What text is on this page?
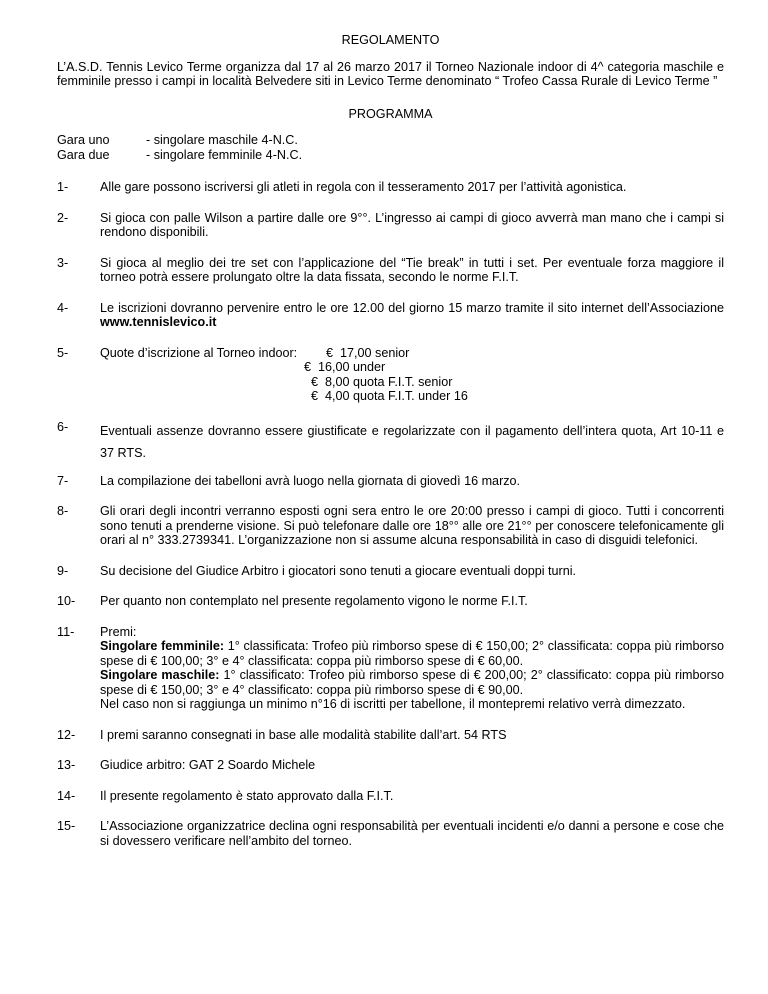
REGOLAMENTO
L’A.S.D. Tennis Levico Terme organizza dal 17 al 26 marzo 2017 il Torneo Nazionale indoor di 4^ categoria maschile e femminile presso i campi in località Belvedere siti in Levico Terme denominato “ Trofeo Cassa Rurale di Levico Terme ”
PROGRAMMA
Gara uno	- singolare maschile 4-N.C.
Gara due	- singolare femminile 4-N.C.
1-	Alle gare possono iscriversi gli atleti in regola con il tesseramento 2017 per l’attività agonistica.
2-	Si gioca con palle Wilson a partire dalle ore 9°°. L’ingresso ai campi di gioco avverrà man mano che i campi si rendono disponibili.
3-	Si gioca al meglio dei tre set con l’applicazione del “Tie break” in tutti i set. Per eventuale forza maggiore il torneo potrà essere prolungato oltre la data fissata, secondo le norme F.I.T.
4-	Le iscrizioni dovranno pervenire entro le ore 12.00 del giorno 15 marzo tramite il sito internet dell’Associazione www.tennislevico.it
5-	Quote d’iscrizione al Torneo indoor: €  17,00 senior
€  16,00 under
€  8,00 quota F.I.T. senior
€  4,00 quota F.I.T. under 16
6-	Eventuali assenze dovranno essere giustificate e regolarizzate con il pagamento dell’intera quota, Art 10-11 e 37 RTS.
7-	La compilazione dei tabelloni avrà luogo nella giornata di giovedì 16 marzo.
8-	Gli orari degli incontri verranno esposti ogni sera entro le ore 20:00 presso i campi di gioco. Tutti i concorrenti sono tenuti a prenderne visione. Si può telefonare dalle ore 18°° alle ore 21°° per conoscere telefonicamente gli orari al n° 333.2739341. L’organizzazione non si assume alcuna responsabilità in caso di disguidi telefonici.
9-	Su decisione del Giudice Arbitro i giocatori sono tenuti a giocare eventuali doppi turni.
10-	Per quanto non contemplato nel presente regolamento vigono le norme F.I.T.
11-	Premi:
Singolare femminile: 1° classificata: Trofeo più rimborso spese di € 150,00; 2° classificata: coppa più rimborso spese di € 100,00; 3° e 4° classificata: coppa più rimborso spese di € 60,00.
Singolare maschile: 1° classificato: Trofeo più rimborso spese di € 200,00; 2° classificato: coppa più rimborso spese di € 150,00; 3° e 4° classificato: coppa più rimborso spese di € 90,00.
Nel caso non si raggiunga un minimo n°16 di iscritti per tabellone, il montepremi relativo verrà dimezzato.
12-	I premi saranno consegnati in base alle modalità stabilite dall’art. 54 RTS
13-	Giudice arbitro: GAT 2 Soardo Michele
14-	Il presente regolamento è stato approvato dalla F.I.T.
15-	L’Associazione organizzatrice declina ogni responsabilità per eventuali incidenti e/o danni a persone e cose che si dovessero verificare nell’ambito del torneo.
